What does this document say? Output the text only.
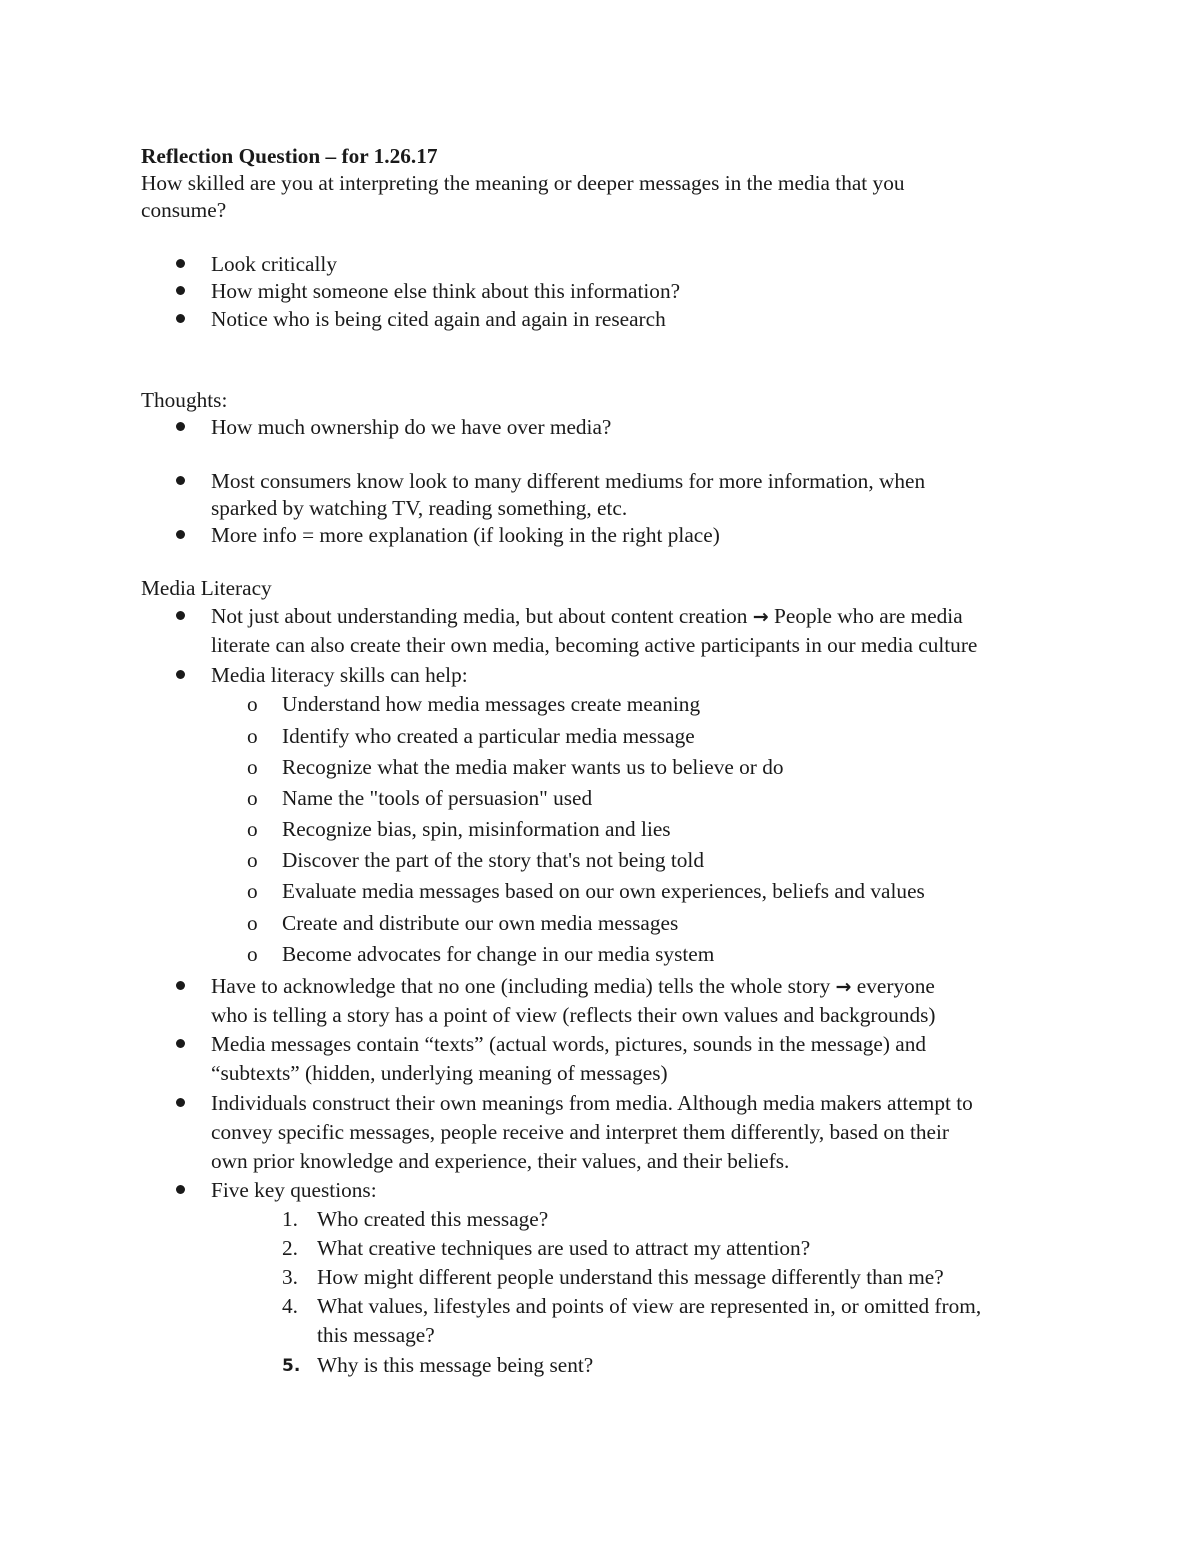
Reflection Question – for 1.26.17
How skilled are you at interpreting the meaning or deeper messages in the media that you
consume?
Look critically
How might someone else think about this information?
Notice who is being cited again and again in research
Thoughts:
How much ownership do we have over media?
Most consumers know look to many different mediums for more information, when
sparked by watching TV, reading something, etc.
More info = more explanation (if looking in the right place)
Media Literacy
Not just about understanding media, but about content creation → People who are media
literate can also create their own media, becoming active participants in our media culture
Media literacy skills can help:
o Understand how media messages create meaning
o Identify who created a particular media message
o Recognize what the media maker wants us to believe or do
o Name the "tools of persuasion" used
o Recognize bias, spin, misinformation and lies
o Discover the part of the story that's not being told
o Evaluate media messages based on our own experiences, beliefs and values
o Create and distribute our own media messages
o Become advocates for change in our media system
Have to acknowledge that no one (including media) tells the whole story → everyone
who is telling a story has a point of view (reflects their own values and backgrounds)
Media messages contain “texts” (actual words, pictures, sounds in the message) and
“subtexts” (hidden, underlying meaning of messages)
Individuals construct their own meanings from media. Although media makers attempt to
convey specific messages, people receive and interpret them differently, based on their
own prior knowledge and experience, their values, and their beliefs.
Five key questions:
1. Who created this message?
2. What creative techniques are used to attract my attention?
3. How might different people understand this message differently than me?
4. What values, lifestyles and points of view are represented in, or omitted from,
this message?
5. Why is this message being sent?
